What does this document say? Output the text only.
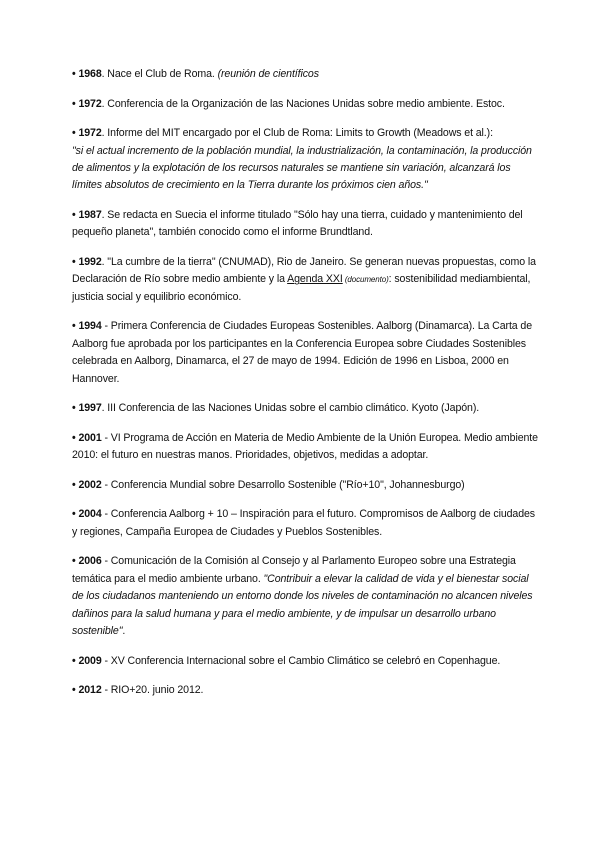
• 1968. Nace el Club de Roma. (reunión de científicos

• 1972. Conferencia de la Organización de las Naciones Unidas sobre medio ambiente. Estoc.

• 1972. Informe del MIT encargado por el Club de Roma: Limits to Growth (Meadows et al.):
"si el actual incremento de la población mundial, la industrialización, la contaminación, la producción de alimentos y la explotación de los recursos naturales se mantiene sin variación, alcanzará los límites absolutos de crecimiento en la Tierra durante los próximos cien años."

• 1987. Se redacta en Suecia el informe titulado "Sólo hay una tierra, cuidado y mantenimiento del pequeño planeta", también conocido como el informe Brundtland.

• 1992. "La cumbre de la tierra" (CNUMAD), Rio de Janeiro. Se generan nuevas propuestas, como la Declaración de Río sobre medio ambiente y la Agenda XXI (documento): sostenibilidad mediambiental, justicia social y equilibrio económico.

• 1994 - Primera Conferencia de Ciudades Europeas Sostenibles. Aalborg (Dinamarca). La Carta de Aalborg fue aprobada por los participantes en la Conferencia Europea sobre Ciudades Sostenibles celebrada en Aalborg, Dinamarca, el 27 de mayo de 1994. Edición de 1996 en Lisboa, 2000 en Hannover.

• 1997. III Conferencia de las Naciones Unidas sobre el cambio climático. Kyoto (Japón).

• 2001 - VI Programa de Acción en Materia de Medio Ambiente de la Unión Europea. Medio ambiente 2010: el futuro en nuestras manos. Prioridades, objetivos, medidas a adoptar.

• 2002 - Conferencia Mundial sobre Desarrollo Sostenible ("Río+10", Johannesburgo)

• 2004 - Conferencia Aalborg + 10 – Inspiración para el futuro. Compromisos de Aalborg de ciudades y regiones, Campaña Europea de Ciudades y Pueblos Sostenibles.

• 2006 - Comunicación de la Comisión al Consejo y al Parlamento Europeo sobre una Estrategia temática para el medio ambiente urbano. "Contribuir a elevar la calidad de vida y el bienestar social de los ciudadanos manteniendo un entorno donde los niveles de contaminación no alcancen niveles dañinos para la salud humana y para el medio ambiente, y de impulsar un desarrollo urbano sostenible".

• 2009 - XV Conferencia Internacional sobre el Cambio Climático se celebró en Copenhague.

• 2012 - RIO+20. junio 2012.
